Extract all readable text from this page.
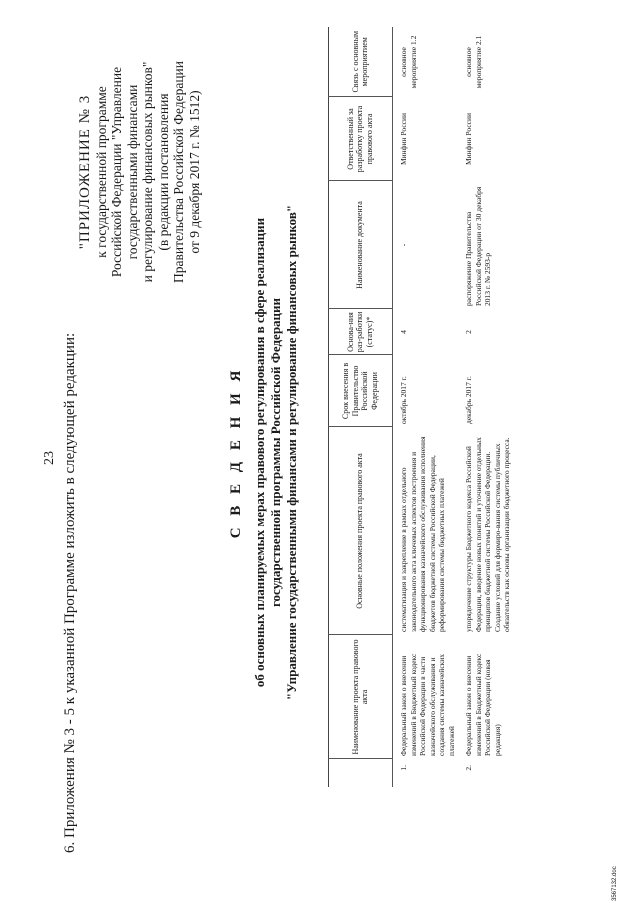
23 6. Приложения № 3 - 5 к указанной Программе изложить в следующей редакции:
"ПРИЛОЖЕНИЕ № 3 к государственной программе Российской Федерации "Управление государственными финансами и регулирование финансовых рынков" (в редакции постановления Правительства Российской Федерации от 9 декабря 2017 г. № 1512)
С В Е Д Е Н И Я об основных планируемых мерах правового регулирования в сфере реализации государственной программы Российской Федерации "Управление государственными финансами и регулирование финансовых рынков"
		Наименование проекта правового акта	Основные положения проекта правового акта	Срок внесения в Правительство Российской Федерации	Основа-ния раз-работки (статус)*	Наименование документа	Ответственный за разработку проекта правового акта	Связь с основным мероприятием
1.	Федеральный закон о внесении изменений в Бюджетный кодекс Российской Федерации в части казначейского обслуживания и создания системы казначейских платежей	систематизация и закрепление в рамках отдельного законодательного акта ключевых аспектов построения и функционирования казначейского обслуживания исполнения бюджетов бюджетной системы Российской Федерации, реформирования системы бюджетных платежей	октябрь 2017 г.	4	-	Минфин России	основное мероприятие 1.2
2.	Федеральный закон о внесении изменений в Бюджетный кодекс Российской Федерации (новая редакция)	упорядочение структуры Бюджетного кодекса Российской Федерации, введение новых понятий и уточнение отдельных принципов бюджетной системы Российской Федерации. Создание условий для формиро-вания системы публичных обязательств как основы организации бюджетного процесса.	декабрь 2017 г.	2	распоряжение Правительства Российской Федерации от 30 декабря 2013 г. № 2593-р	Минфин России	основное мероприятие 2.1
3567132.doc
